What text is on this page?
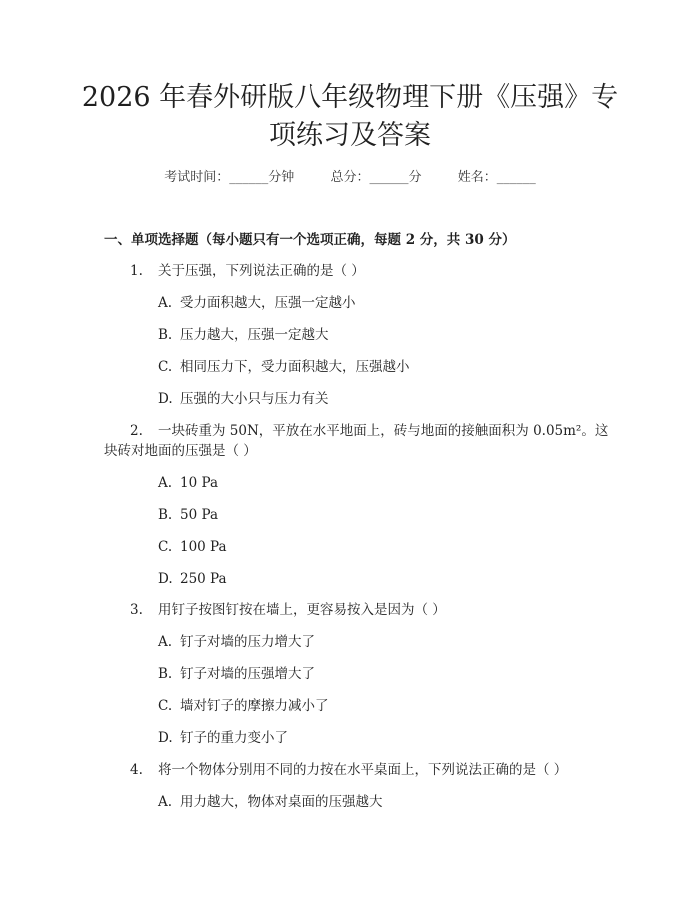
2026 年春外研版八年级物理下册《压强》专
项练习及答案
考试时间：______分钟	总分：______分	姓名：______
一、单项选择题（每小题只有一个选项正确，每题 2 分，共 30 分）
1. 关于压强，下列说法正确的是（ ）
A. 受力面积越大，压强一定越小
B. 压力越大，压强一定越大
C. 相同压力下，受力面积越大，压强越小
D. 压强的大小只与压力有关
2. 一块砖重为 50N，平放在水平地面上，砖与地面的接触面积为 0.05m²。这
块砖对地面的压强是（ ）
A. 10 Pa
B. 50 Pa
C. 100 Pa
D. 250 Pa
3. 用钉子按图钉按在墙上，更容易按入是因为（ ）
A. 钉子对墙的压力增大了
B. 钉子对墙的压强增大了
C. 墙对钉子的摩擦力减小了
D. 钉子的重力变小了
4. 将一个物体分别用不同的力按在水平桌面上，下列说法正确的是（ ）
A. 用力越大，物体对桌面的压强越大
